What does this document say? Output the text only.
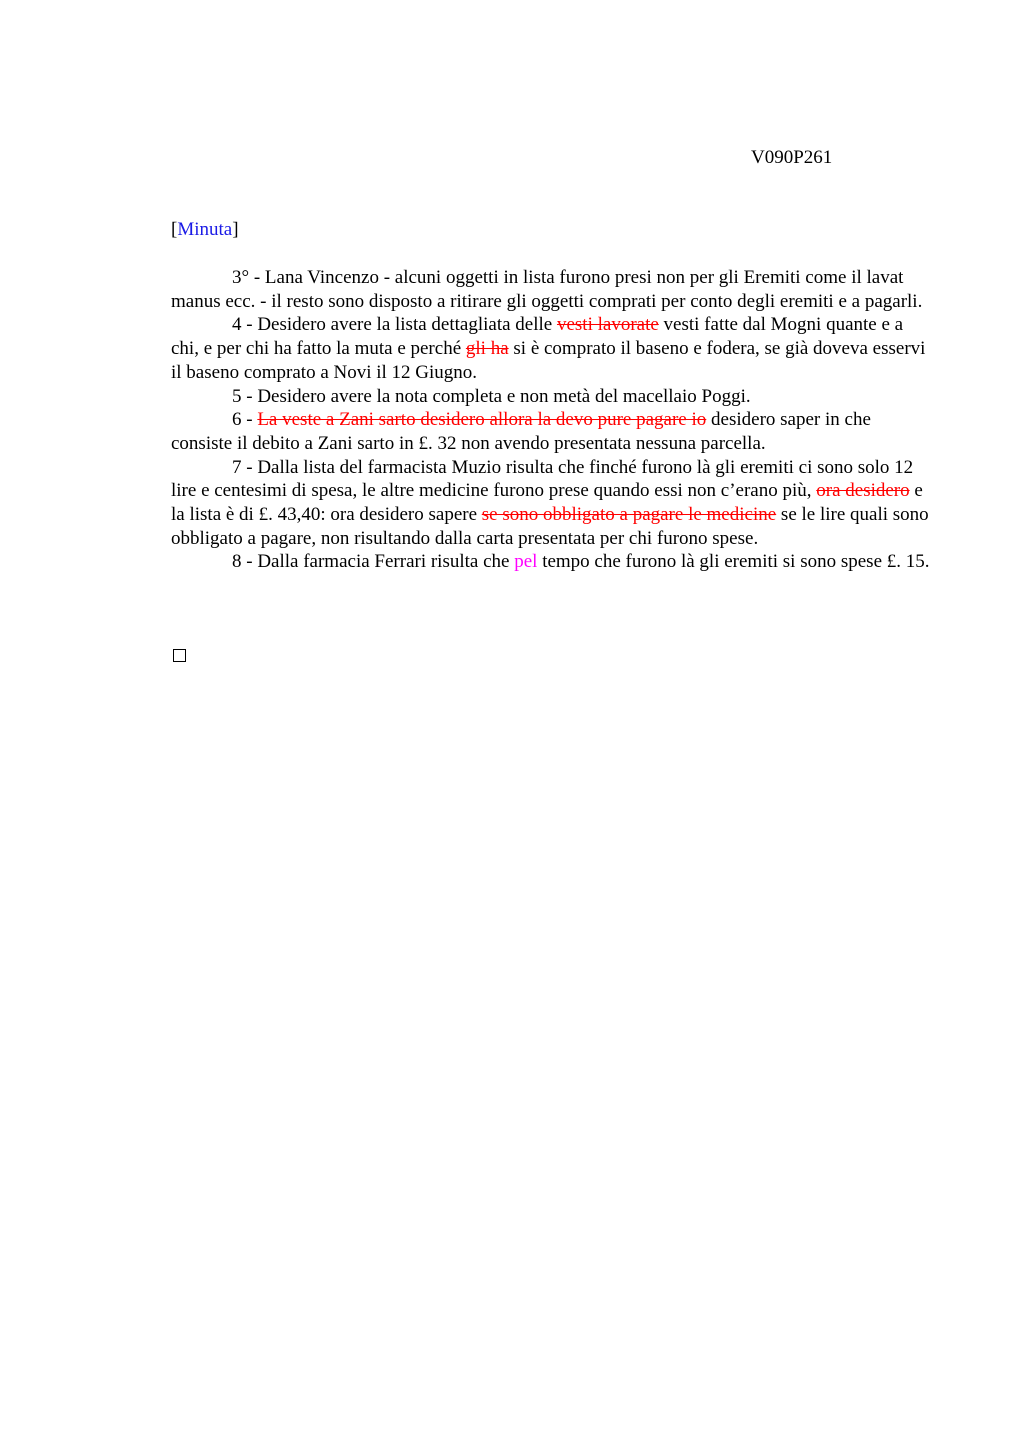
V090P261
[Minuta]

3° - Lana Vincenzo - alcuni oggetti in lista furono presi non per gli Eremiti come il lavat manus ecc. - il resto sono disposto a ritirare gli oggetti comprati per conto degli eremiti e a pagarli.

4 - Desidero avere la lista dettagliata delle vesti lavorate vesti fatte dal Mogni quante e a chi, e per chi ha fatto la muta e perché gli ha si è comprato il baseno e fodera, se già doveva esservi il baseno comprato a Novi il 12 Giugno.

5 - Desidero avere la nota completa e non metà del macellaio Poggi.

6 - La veste a Zani sarto desidero allora la devo pure pagare io desidero saper in che consiste il debito a Zani sarto in £. 32 non avendo presentata nessuna parcella.

7 - Dalla lista del farmacista Muzio risulta che finché furono là gli eremiti ci sono solo 12 lire e centesimi di spesa, le altre medicine furono prese quando essi non c’erano più, ora desidero e la lista è di £. 43,40: ora desidero sapere se sono obbligato a pagare le medicine se le lire quali sono obbligato a pagare, non risultando dalla carta presentata per chi furono spese.

8 - Dalla farmacia Ferrari risulta che pel tempo che furono là gli eremiti si sono spese £. 15.
